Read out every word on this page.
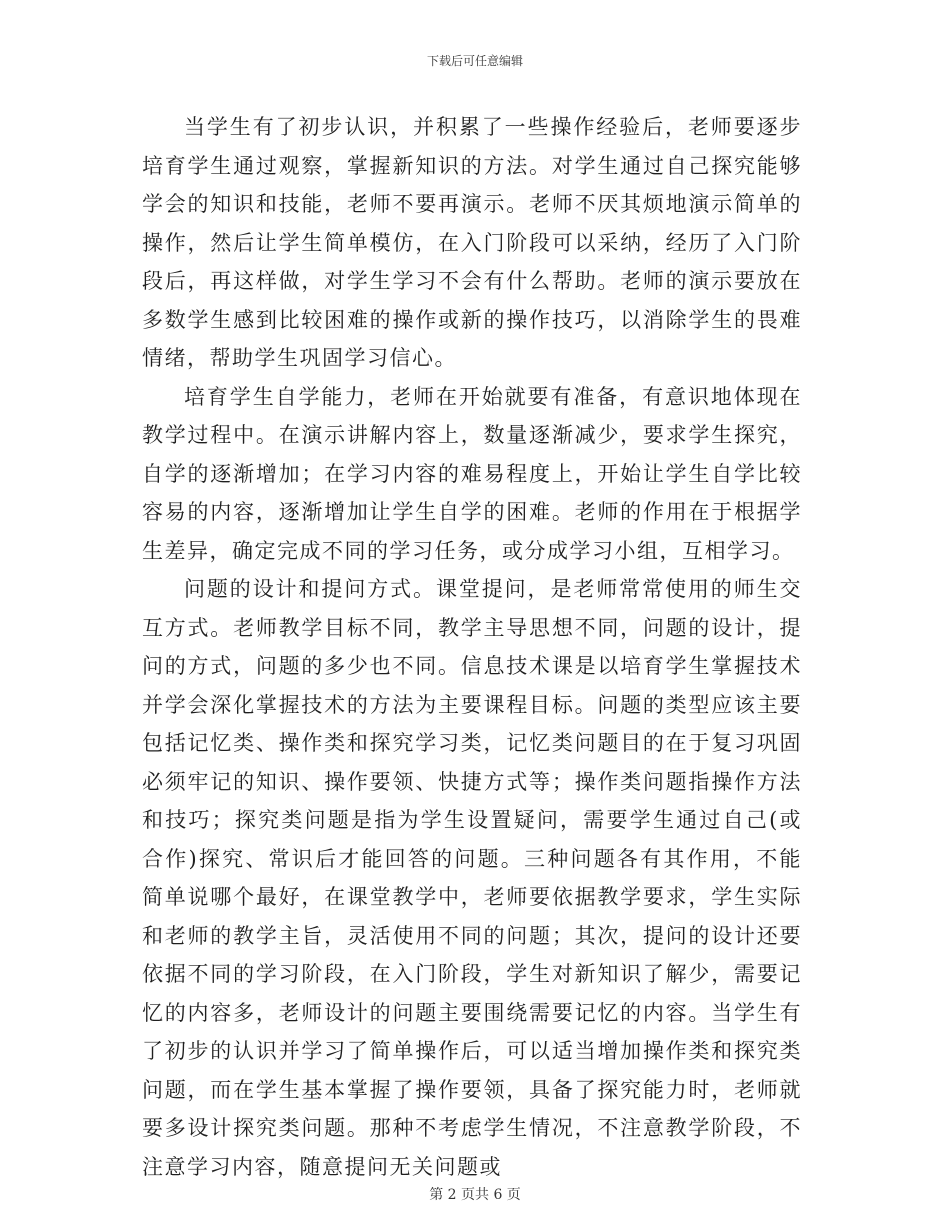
下载后可任意编辑

当学生有了初步认识，并积累了一些操作经验后，老师要逐步培育学生通过观察，掌握新知识的方法。对学生通过自己探究能够学会的知识和技能，老师不要再演示。老师不厌其烦地演示简单的操作，然后让学生简单模仿，在入门阶段可以采纳，经历了入门阶段后，再这样做，对学生学习不会有什么帮助。老师的演示要放在多数学生感到比较困难的操作或新的操作技巧，以消除学生的畏难情绪，帮助学生巩固学习信心。

培育学生自学能力，老师在开始就要有准备，有意识地体现在教学过程中。在演示讲解内容上，数量逐渐减少，要求学生探究，自学的逐渐增加；在学习内容的难易程度上，开始让学生自学比较容易的内容，逐渐增加让学生自学的困难。老师的作用在于根据学生差异，确定完成不同的学习任务，或分成学习小组，互相学习。

问题的设计和提问方式。课堂提问，是老师常常使用的师生交互方式。老师教学目标不同，教学主导思想不同，问题的设计，提问的方式，问题的多少也不同。信息技术课是以培育学生掌握技术并学会深化掌握技术的方法为主要课程目标。问题的类型应该主要包括记忆类、操作类和探究学习类，记忆类问题目的在于复习巩固必须牢记的知识、操作要领、快捷方式等；操作类问题指操作方法和技巧；探究类问题是指为学生设置疑问，需要学生通过自己(或合作)探究、常识后才能回答的问题。三种问题各有其作用，不能简单说哪个最好，在课堂教学中，老师要依据教学要求，学生实际和老师的教学主旨，灵活使用不同的问题；其次，提问的设计还要依据不同的学习阶段，在入门阶段，学生对新知识了解少，需要记忆的内容多，老师设计的问题主要围绕需要记忆的内容。当学生有了初步的认识并学习了简单操作后，可以适当增加操作类和探究类问题，而在学生基本掌握了操作要领，具备了探究能力时，老师就要多设计探究类问题。那种不考虑学生情况，不注意教学阶段，不注意学习内容，随意提问无关问题或

第 2 页共 6 页
